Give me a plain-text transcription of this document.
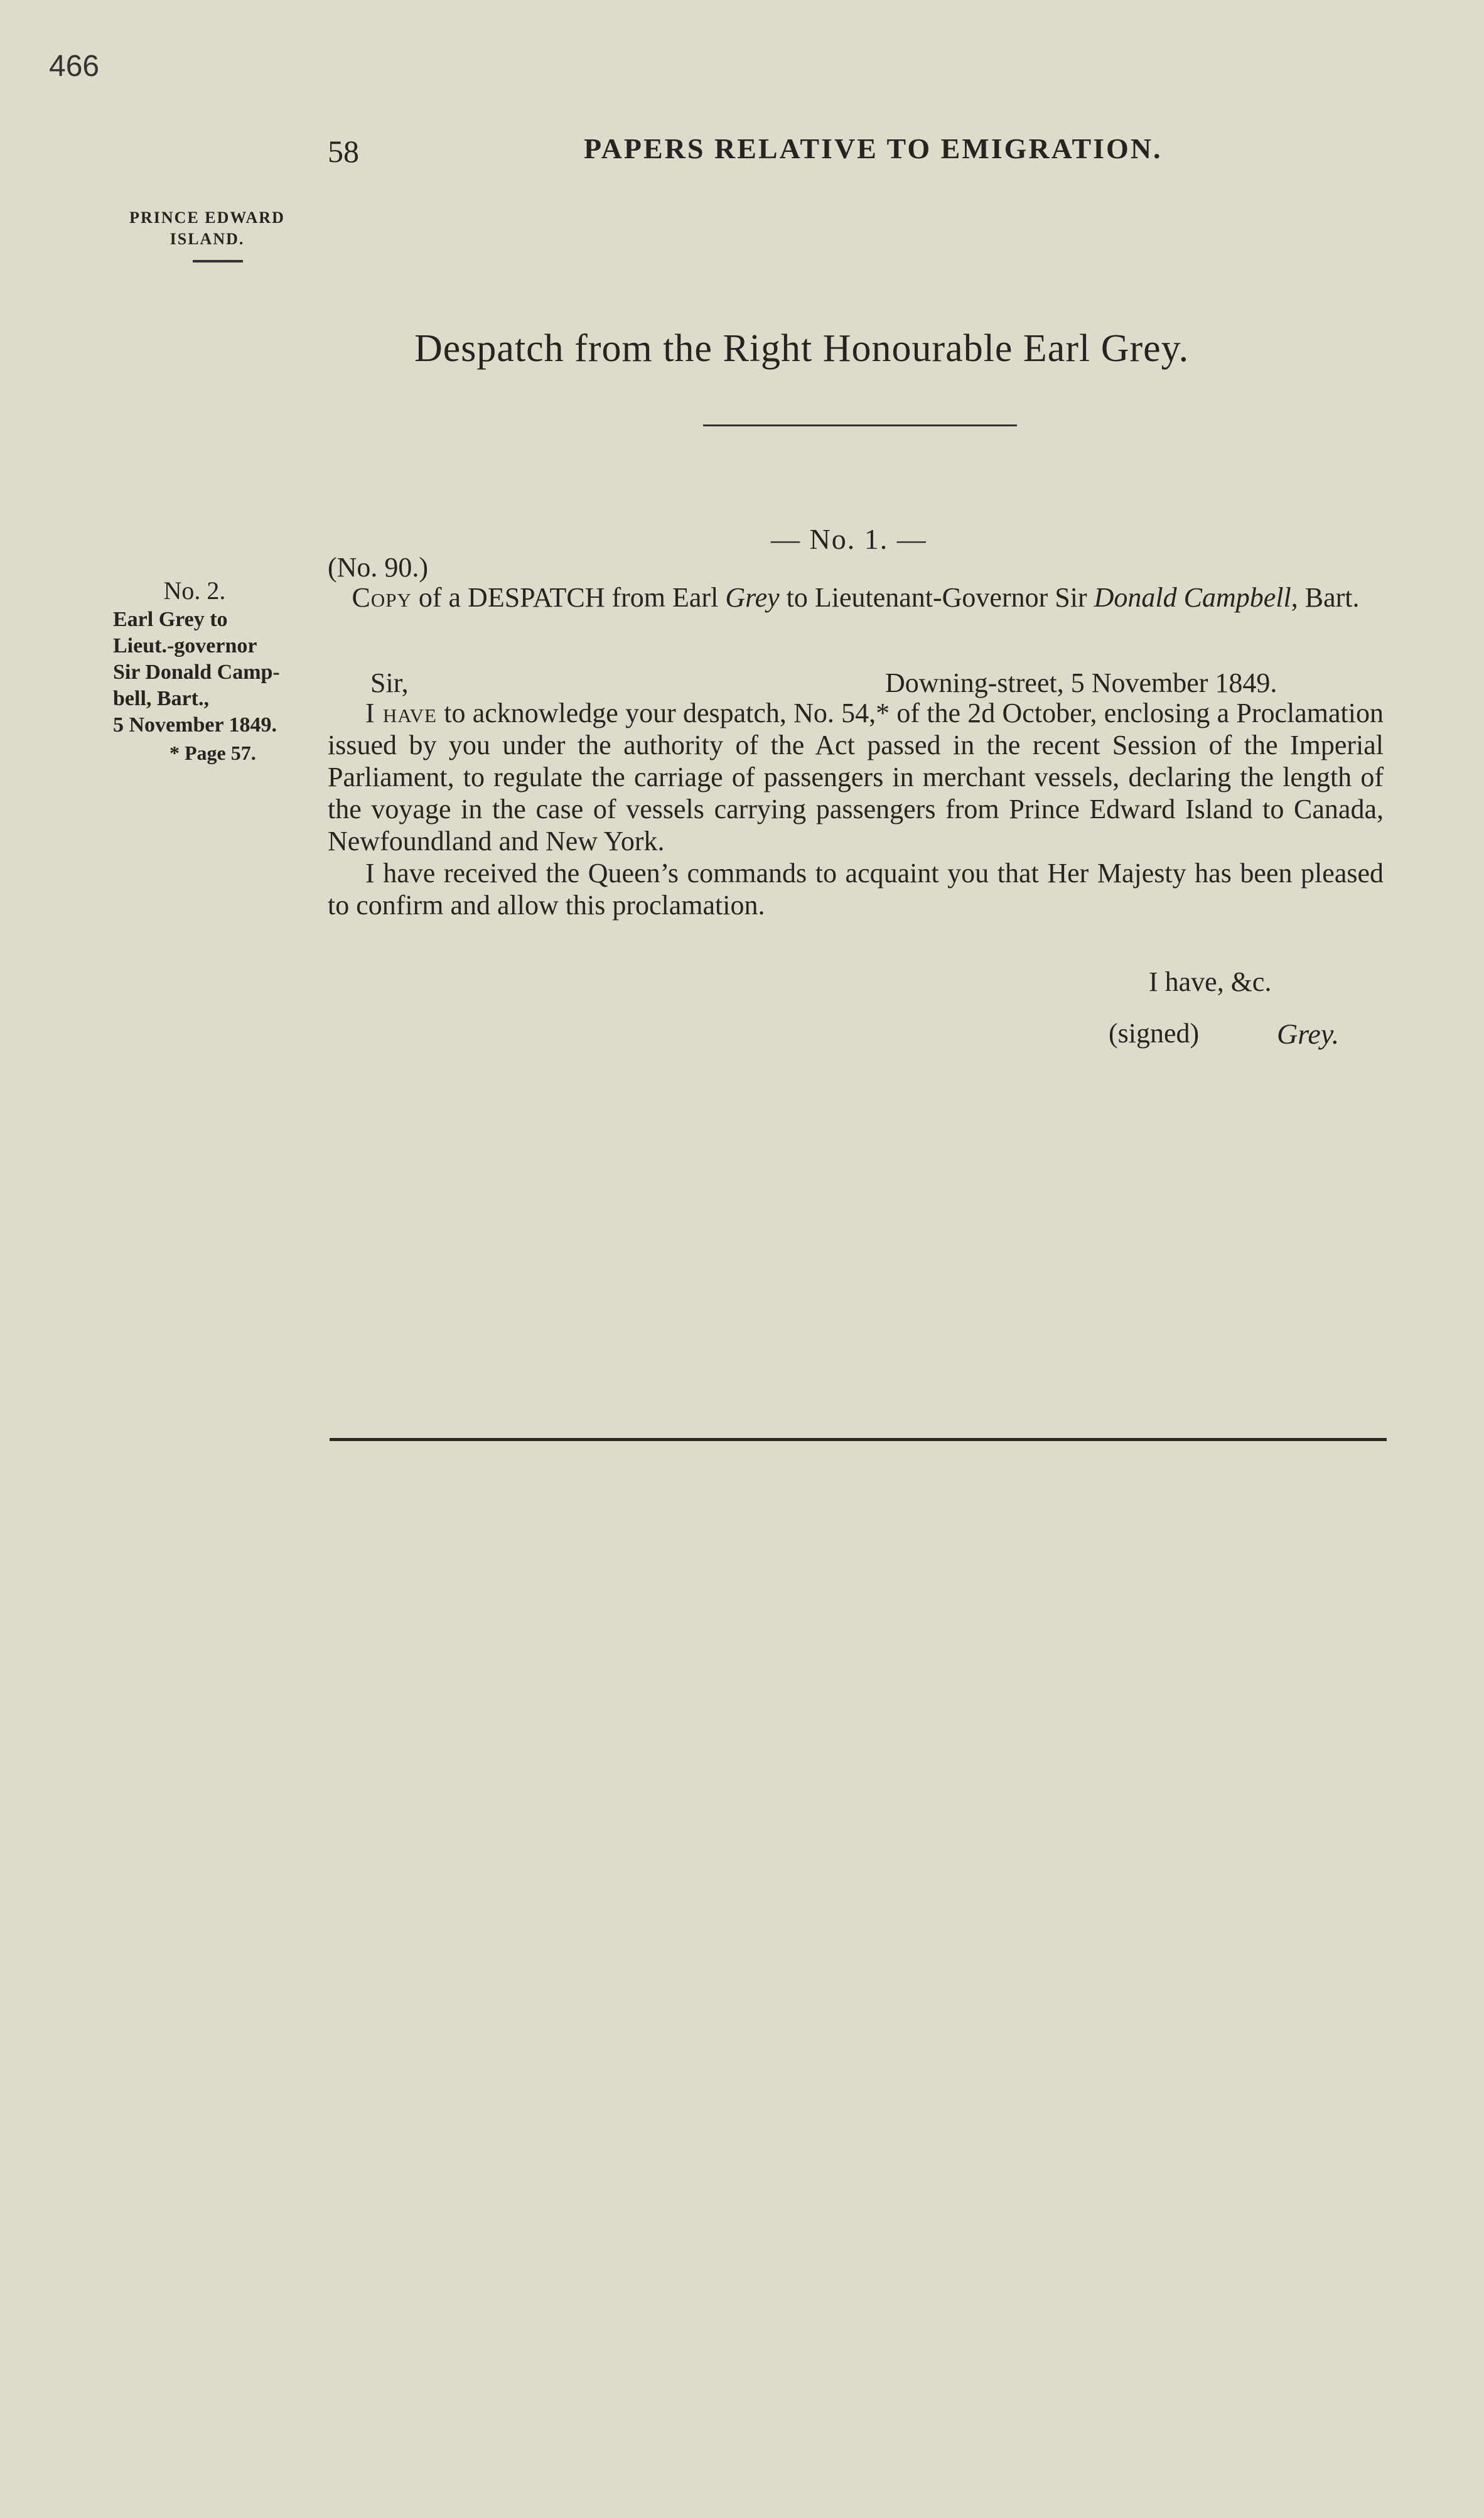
466
58	PAPERS RELATIVE TO EMIGRATION.
PRINCE EDWARD
ISLAND.
Despatch from the Right Honourable Earl Grey.
— No. 1. —
No. 2.
Earl Grey to
Lieut.-governor
Sir Donald Camp-
bell, Bart.,
5 November 1849.
* Page 57.
(No. 90.)
Copy of a DESPATCH from Earl Grey to Lieutenant-Governor Sir Donald Campbell, Bart.
Sir,	Downing-street, 5 November 1849.

I have to acknowledge your despatch, No. 54,* of the 2d October, enclosing a Proclamation issued by you under the authority of the Act passed in the recent Session of the Imperial Parliament, to regulate the carriage of passengers in merchant vessels, declaring the length of the voyage in the case of vessels carrying passengers from Prince Edward Island to Canada, Newfoundland and New York.

I have received the Queen’s commands to acquaint you that Her Majesty has been pleased to confirm and allow this proclamation.

I have, &c.
(signed)	Grey.
